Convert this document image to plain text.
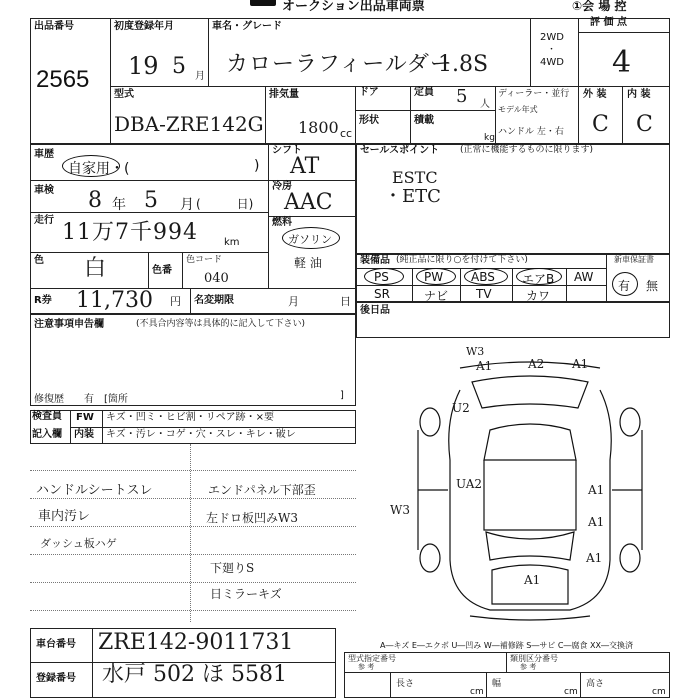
オークション出品車両票	①会 場 控
出品番号
2565
初度登録年月	車名・グレード
19 5 月 カローラフィールダー
1.8S
2WD
・
4WD
評 価 点
4
外 装 内 装
C C
型式
DBA-ZRE142G
排気量
1800 cc
ドア	定員 5 人
形状	積載
kg
ディーラー・並行
モデル年式
ハンドル 左・右
車歴
自家用・(	)
車検 8 年 5 月 (　　　日)
走行 11万7千994	km
色 白	色番
色コード
040
シフト
AT
冷房
AAC
燃料
ガソリン
軽 油
R券 11,730 円 名変期限	月	日
注意事項申告欄	(不具合内容等は具体的に記入して下さい)
修復歴　　有　[箇所	]
セールスポイント (正常に機能するものに限ります)
ESTC
・ETC
装備品 (純正品に限り○を付けて下さい)
PS	PW ABS エアB AW
SR	ナビ TV	カワ
新車保証書
有 無
後日品
検査員
記入欄
FW キズ・凹ミ・ヒビ割・リペア跡・×要
内装 キズ・汚レ・コゲ・穴・スレ・キレ・破レ
ハンドルシートスレ
車内汚レ
ダッシュ板ハゲ
エンドパネル下部歪
左ドロ板凹みW3
下廻りS
日ミラーキズ
W3
A1	A2 A1
U2
UA2	A1
A1
W3
A1
A1
A―キズ E―エクボ U―凹み W―補修跡 S―サビ C―腐食 XX―交換済
車台番号 ZRE142-9011731
登録番号 水戸 502 ほ 5581
型式指定番号
参 考
類別区分番号
参 考
長さ
cm
幅
cm
高さ
cm
